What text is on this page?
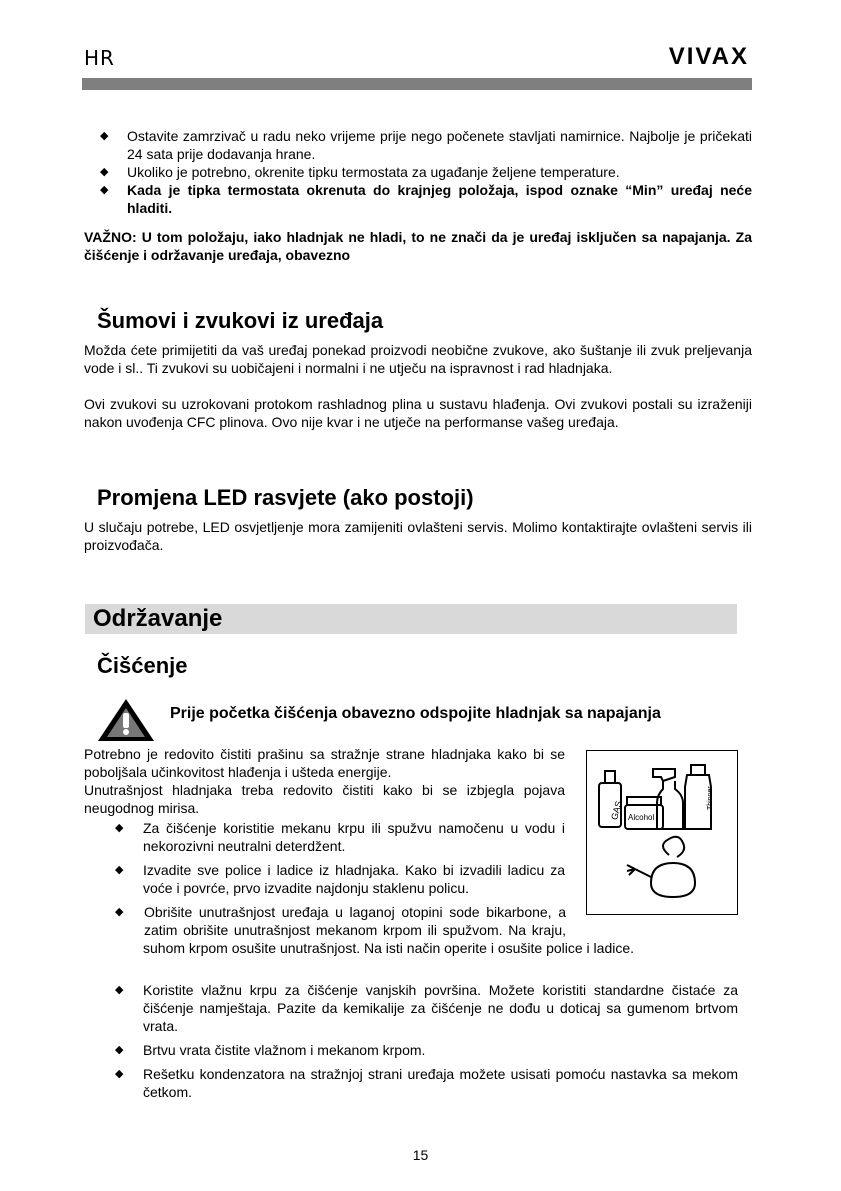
HR	VIVAX
◆ Ostavite zamrzivač u radu neko vrijeme prije nego počenete stavljati namirnice. Najbolje je pričekati 24 sata prije dodavanja hrane.
◆ Ukoliko je potrebno, okrenite tipku termostata za ugađanje željene temperature.
◆ Kada je tipka termostata okrenuta do krajnjeg položaja, ispod oznake “Min” uređaj neće hladiti.
VAŽNO: U tom položaju, iako hladnjak ne hladi, to ne znači da je uređaj isključen sa napajanja. Za čišćenje i održavanje uređaja, obavezno
Šumovi i zvukovi iz uređaja
Možda ćete primijetiti da vaš uređaj ponekad proizvodi neobične zvukove, ako šuštanje ili zvuk preljevanja vode i sl.. Ti zvukovi su uobičajeni i normalni i ne utječu na ispravnost i rad hladnjaka.
Ovi zvukovi su uzrokovani protokom rashladnog plina u sustavu hlađenja. Ovi zvukovi postali su izraženiji nakon uvođenja CFC plinova. Ovo nije kvar i ne utječe na performanse vašeg uređaja.
Promjena LED rasvjete (ako postoji)
U slučaju potrebe, LED osvjetljenje mora zamijeniti ovlašteni servis. Molimo kontaktirajte ovlašteni servis ili proizvođača.
Održavanje
Čišćenje
Prije početka čišćenja obavezno odspojite hladnjak sa napajanja
Potrebno je redovito čistiti prašinu sa stražnje strane hladnjaka kako bi se poboljšala učinkovitost hlađenja i ušteda energije.
Unutrašnjost hladnjaka treba redovito čistiti kako bi se izbjegla pojava neugodnog mirisa.
◆ Za čišćenje koristitie mekanu krpu ili spužvu namočenu u vodu i nekorozivni neutralni deterdžent.
◆ Izvadite sve police i ladice iz hladnjaka. Kako bi izvadili ladicu za voće i povrće, prvo izvadite najdonju staklenu policu.
◆ Obrišite unutrašnjost uređaja u laganoj otopini sode bikarbone, a zatim obrišite unutrašnjost mekanom krpom ili spužvom. Na kraju, suhom krpom osušite unutrašnjost. Na isti način operite i osušite police i ladice.
◆ Koristite vlažnu krpu za čišćenje vanjskih površina. Možete koristiti standardne čistaće za čišćenje namještaja. Pazite da kemikalije za čišćenje ne dođu u doticaj sa gumenom brtvom vrata.
◆ Brtvu vrata čistite vlažnom i mekanom krpom.
◆ Rešetku kondenzatora na stražnjoj strani uređaja možete usisati pomoću nastavka sa mekom četkom.
GAS Alcohol
Thinner
15
